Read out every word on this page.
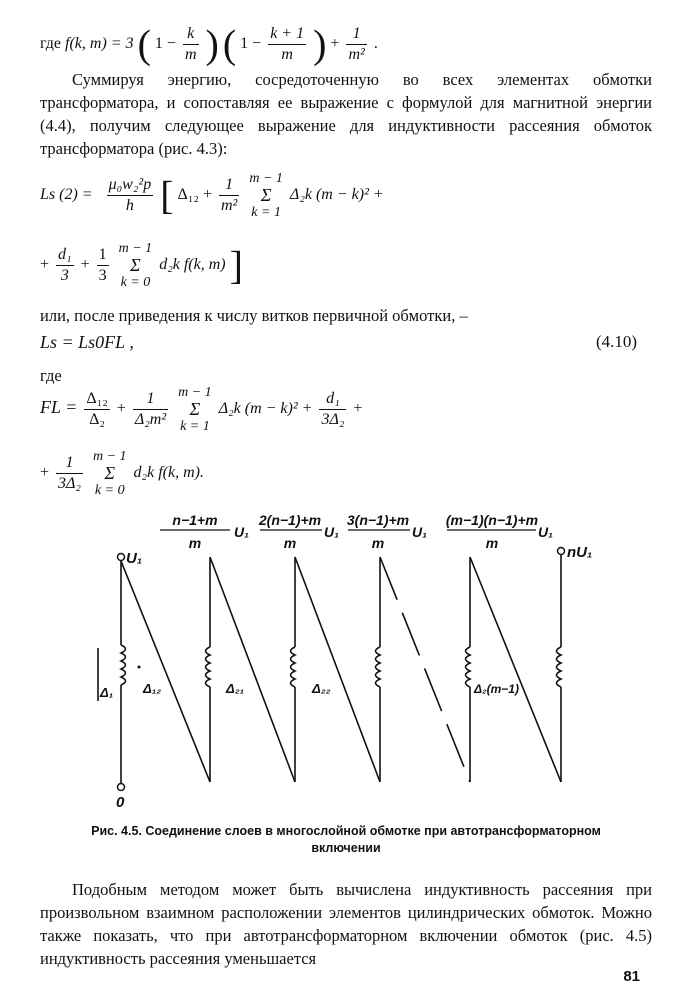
где f(k, m) = 3 ( $1 - \frac{k}{m}$ ) ( $1 - \frac{k + 1}{m}$ ) + $\frac{1}{\text{m²}}$ .
Суммируя энергию, сосредоточенную во всех элементах обмотки трансформатора, и сопоставляя ее выражение с формулой для магнитной энергии (4.4), получим следующее выражение для индуктивности рассеяния обмоток трансформатора (рис. 4.3):
Ls $(2) = \frac{\text{μ₀w₂²p}}{h}$ [ $\Delta_{12} + \frac{1}{\text{m²}}$
m − 1
Σ
k = 1
Δ₂k (m − k)² +
+ $\frac{\text{d₁}}{3} + \frac{1}{3}$
m − 1
Σ
k = 0
d₂k f(k, m) ]
или, после приведения к числу витков первичной обмотки, –
Ls = Ls0FL ,	(4.10)
где
FL = $\frac{\text{Δ₁₂}}{\text{Δ₂}} + \frac{1}{\text{Δ₂m²}}$
m − 1
Σ
k = 1
Δ₂k $(m - k)^2 + \frac{\text{d₁}}{\text{3Δ₂}}$ +
+ $\frac{1}{\text{3Δ₂}}$
m − 1
Σ
k = 0
d₂k f(k, m).
n−1+m
m
U₁
2(n−1)+m
m
U₁
3(n−1)+m
m
U₁
(m−1)(n−1)+m
m
U₁
U₁	nU₁
0
Δ₁ Δ₁₂	Δ₂₁	Δ₂₂	Δ₂(m−1)
Рис. 4.5. Соединение слоев в многослойной обмотке при автотрансформаторном
включении
Подобным методом может быть вычислена индуктивность рассеяния при произвольном взаимном расположении элементов цилиндрических обмоток. Можно также показать, что при автотрансформаторном включении обмоток (рис. 4.5) индуктивность рассеяния уменьшается
81
